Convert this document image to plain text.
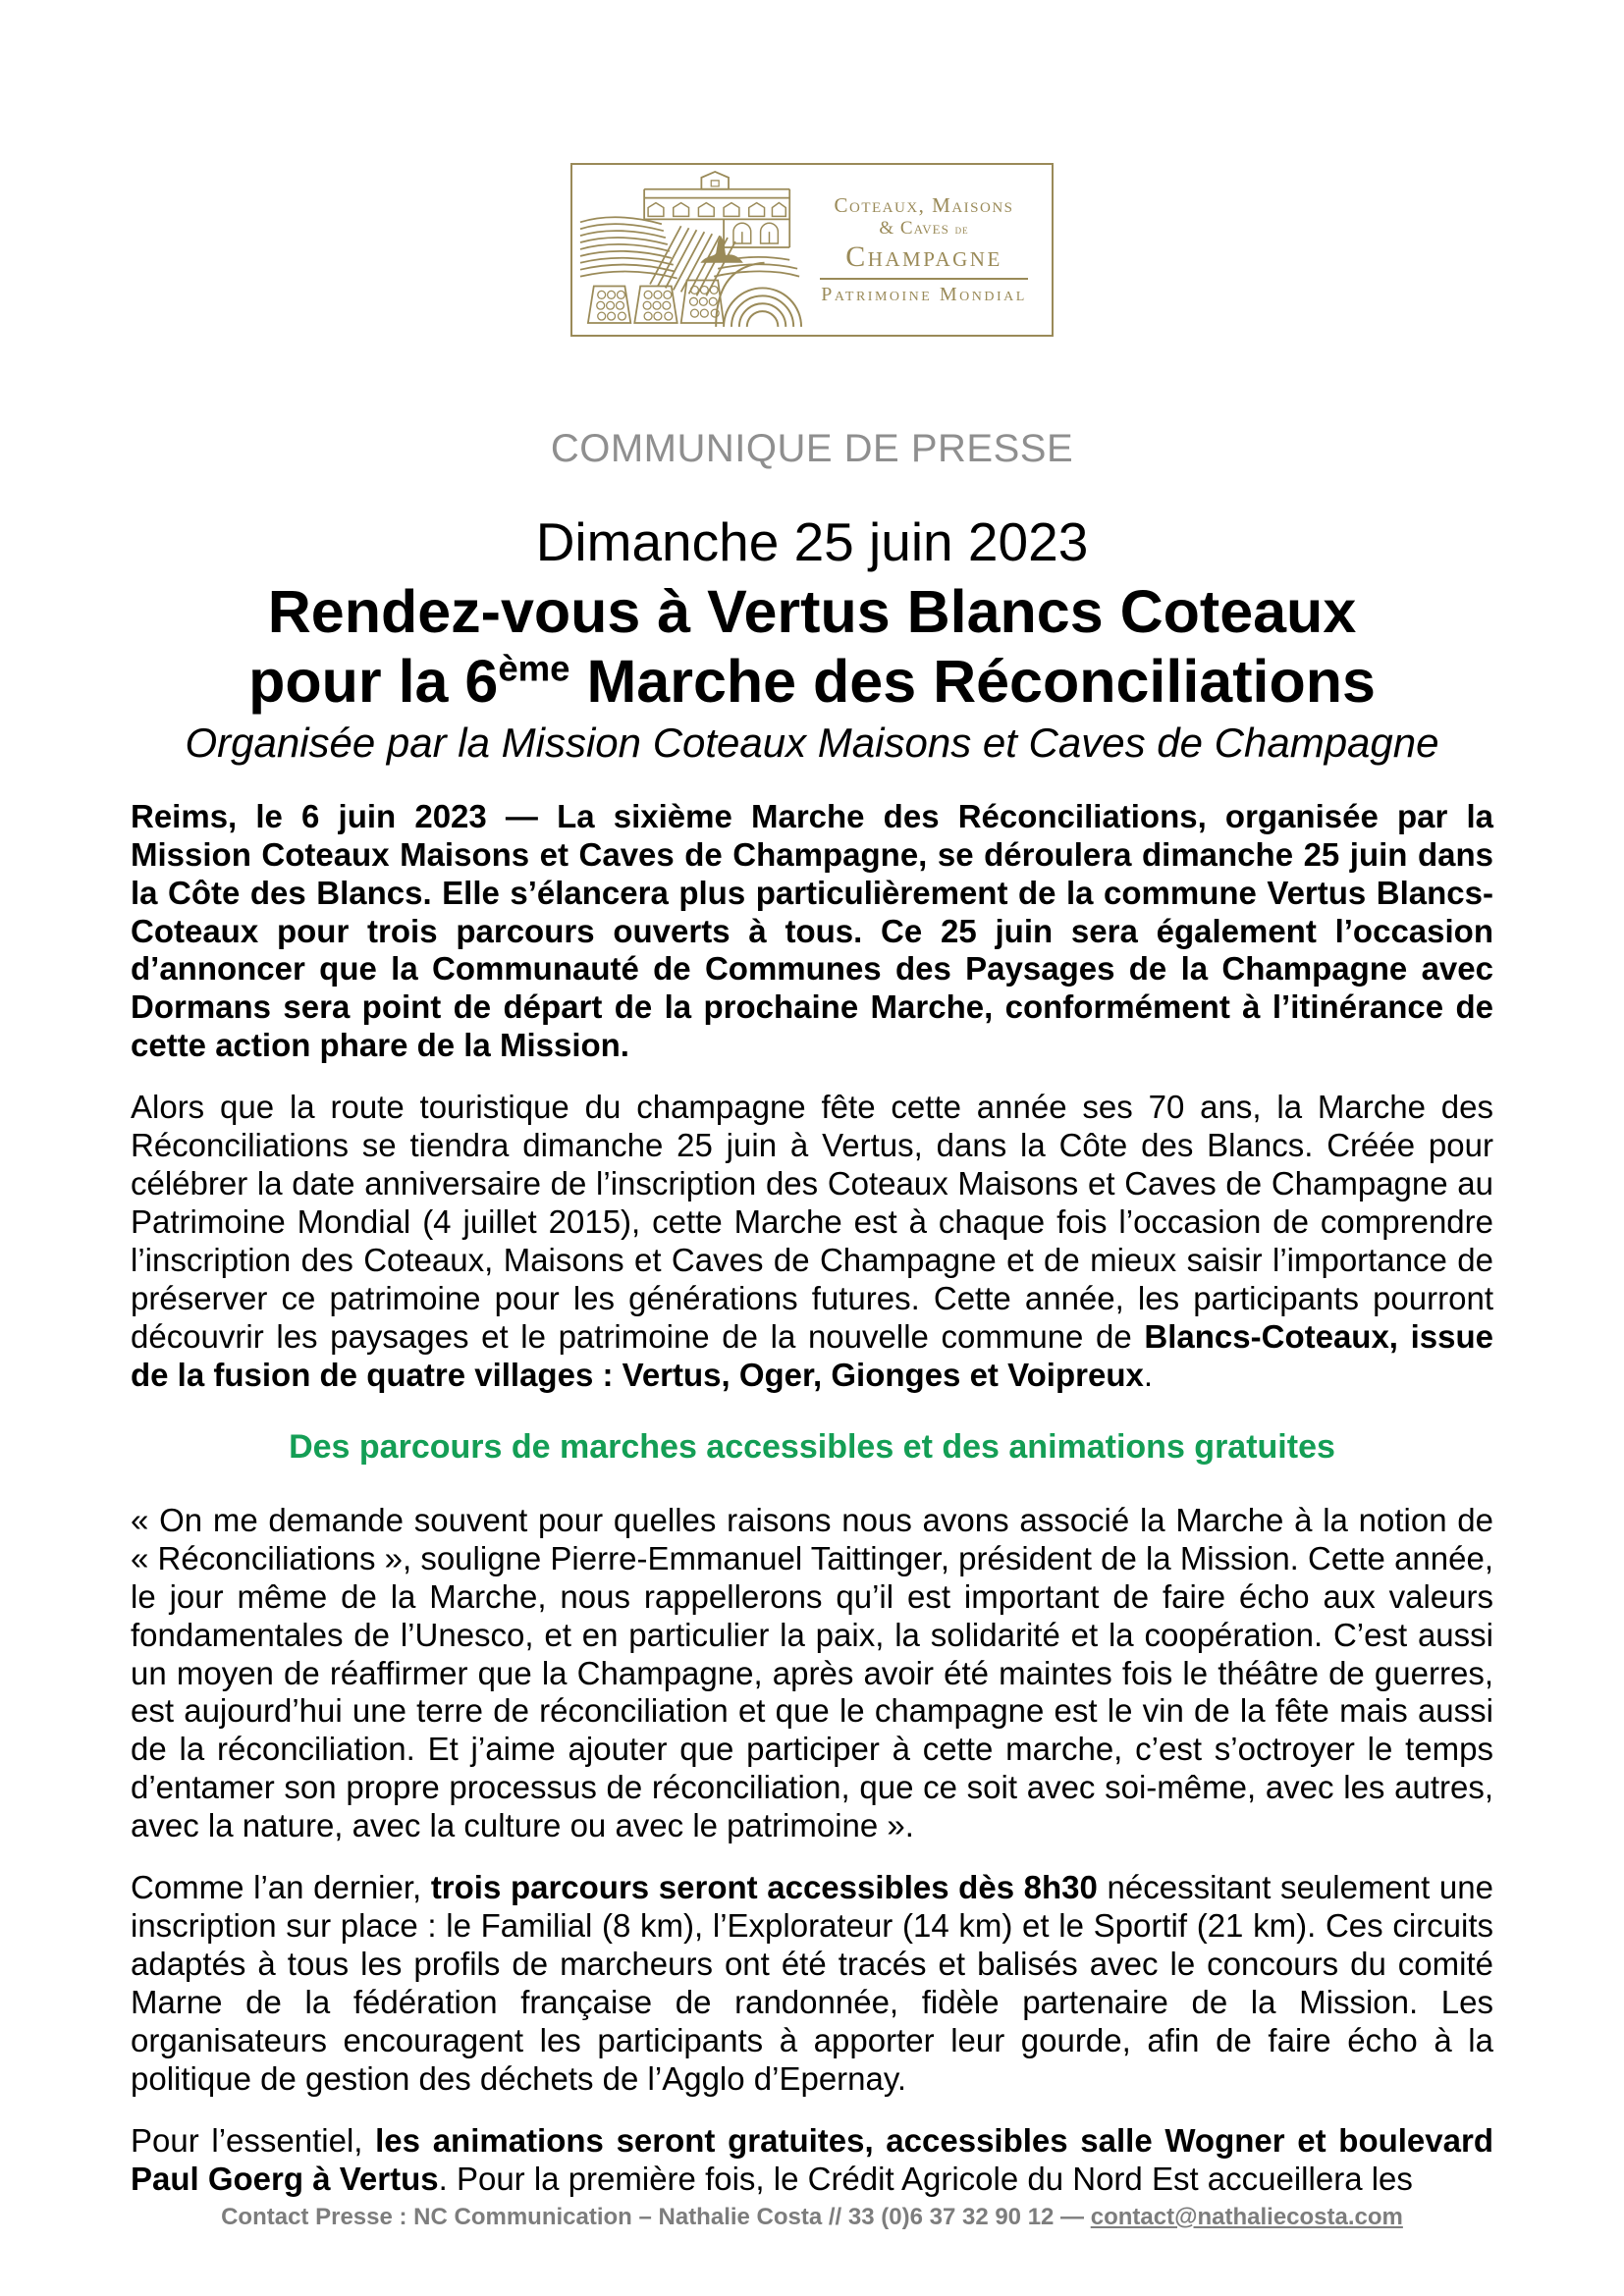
Coteaux, Maisons
& Caves de
Champagne
Patrimoine Mondial
COMMUNIQUE DE PRESSE
Dimanche 25 juin 2023
Rendez-vous à Vertus Blancs Coteaux
pour la 6ème Marche des Réconciliations
Organisée par la Mission Coteaux Maisons et Caves de Champagne

Reims, le 6 juin 2023 — La sixième Marche des Réconciliations, organisée par la Mission Coteaux Maisons et Caves de Champagne, se déroulera dimanche 25 juin dans la Côte des Blancs. Elle s’élancera plus particulièrement de la commune Vertus Blancs-Coteaux pour trois parcours ouverts à tous. Ce 25 juin sera également l’occasion d’annoncer que la Communauté de Communes des Paysages de la Champagne avec Dormans sera point de départ de la prochaine Marche, conformément à l’itinérance de cette action phare de la Mission.

Alors que la route touristique du champagne fête cette année ses 70 ans, la Marche des Réconciliations se tiendra dimanche 25 juin à Vertus, dans la Côte des Blancs. Créée pour célébrer la date anniversaire de l’inscription des Coteaux Maisons et Caves de Champagne au Patrimoine Mondial (4 juillet 2015), cette Marche est à chaque fois l’occasion de comprendre l’inscription des Coteaux, Maisons et Caves de Champagne et de mieux saisir l’importance de préserver ce patrimoine pour les générations futures. Cette année, les participants pourront découvrir les paysages et le patrimoine de la nouvelle commune de Blancs-Coteaux, issue de la fusion de quatre villages : Vertus, Oger, Gionges et Voipreux.

Des parcours de marches accessibles et des animations gratuites

« On me demande souvent pour quelles raisons nous avons associé la Marche à la notion de « Réconciliations », souligne Pierre-Emmanuel Taittinger, président de la Mission. Cette année, le jour même de la Marche, nous rappellerons qu’il est important de faire écho aux valeurs fondamentales de l’Unesco, et en particulier la paix, la solidarité et la coopération. C’est aussi un moyen de réaffirmer que la Champagne, après avoir été maintes fois le théâtre de guerres, est aujourd’hui une terre de réconciliation et que le champagne est le vin de la fête mais aussi de la réconciliation. Et j’aime ajouter que participer à cette marche, c’est s’octroyer le temps d’entamer son propre processus de réconciliation, que ce soit avec soi-même, avec les autres, avec la nature, avec la culture ou avec le patrimoine ».

Comme l’an dernier, trois parcours seront accessibles dès 8h30 nécessitant seulement une inscription sur place : le Familial (8 km), l’Explorateur (14 km) et le Sportif (21 km). Ces circuits adaptés à tous les profils de marcheurs ont été tracés et balisés avec le concours du comité Marne de la fédération française de randonnée, fidèle partenaire de la Mission. Les organisateurs encouragent les participants à apporter leur gourde, afin de faire écho à la politique de gestion des déchets de l’Agglo d’Epernay.

Pour l’essentiel, les animations seront gratuites, accessibles salle Wogner et boulevard Paul Goerg à Vertus. Pour la première fois, le Crédit Agricole du Nord Est accueillera les

Contact Presse : NC Communication – Nathalie Costa // 33 (0)6 37 32 90 12 — contact@nathaliecosta.com
